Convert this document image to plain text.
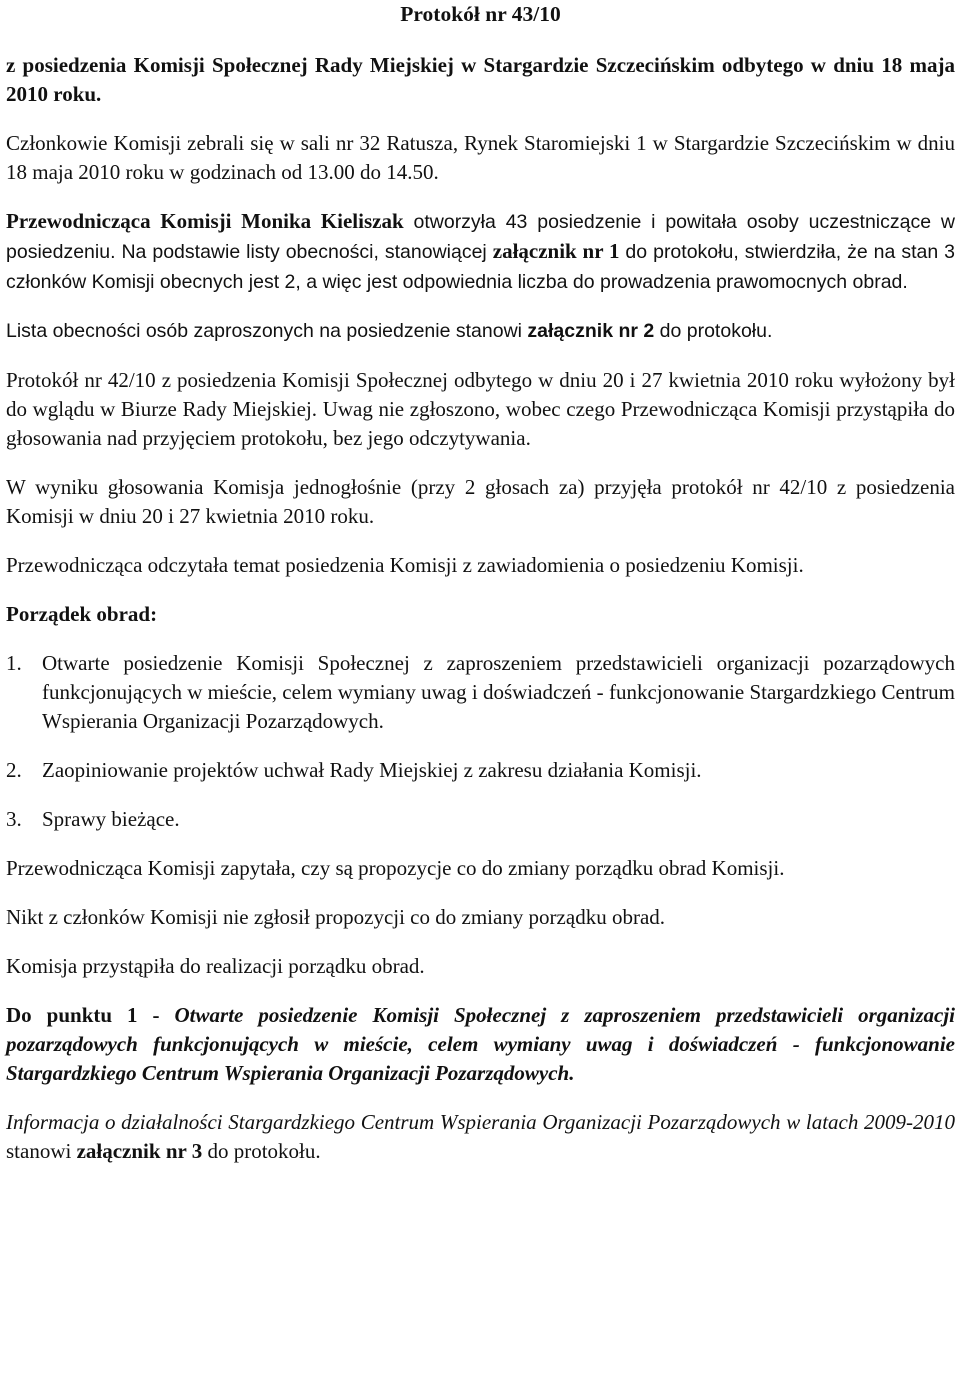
Protokół nr 43/10
z posiedzenia Komisji Społecznej Rady Miejskiej w Stargardzie Szczecińskim odbytego w dniu 18 maja 2010 roku.

Członkowie Komisji zebrali się w sali nr 32 Ratusza, Rynek Staromiejski 1 w Stargardzie Szczecińskim w dniu 18 maja 2010 roku w godzinach od 13.00 do 14.50.

Przewodnicząca Komisji Monika Kieliszak otworzyła 43 posiedzenie i powitała osoby uczestniczące w posiedzeniu. Na podstawie listy obecności, stanowiącej załącznik nr 1 do protokołu, stwierdziła, że na stan 3 członków Komisji obecnych jest 2, a więc jest odpowiednia liczba do prowadzenia prawomocnych obrad.

Lista obecności osób zaproszonych na posiedzenie stanowi załącznik nr 2 do protokołu.

Protokół nr 42/10 z posiedzenia Komisji Społecznej odbytego w dniu 20 i 27 kwietnia 2010 roku wyłożony był do wglądu w Biurze Rady Miejskiej. Uwag nie zgłoszono, wobec czego Przewodnicząca Komisji przystąpiła do głosowania nad przyjęciem protokołu, bez jego odczytywania.

W wyniku głosowania Komisja jednogłośnie (przy 2 głosach za) przyjęła protokół nr 42/10 z posiedzenia Komisji w dniu 20 i 27 kwietnia 2010 roku.

Przewodnicząca odczytała temat posiedzenia Komisji z zawiadomienia o posiedzeniu Komisji.

Porządek obrad:
1. Otwarte posiedzenie Komisji Społecznej z zaproszeniem przedstawicieli organizacji pozarządowych funkcjonujących w mieście, celem wymiany uwag i doświadczeń - funkcjonowanie Stargardzkiego Centrum Wspierania Organizacji Pozarządowych.
2. Zaopiniowanie projektów uchwał Rady Miejskiej z zakresu działania Komisji.
3. Sprawy bieżące.

Przewodnicząca Komisji zapytała, czy są propozycje co do zmiany porządku obrad Komisji.

Nikt z członków Komisji nie zgłosił propozycji co do zmiany porządku obrad.

Komisja przystąpiła do realizacji porządku obrad.

Do punktu 1 - Otwarte posiedzenie Komisji Społecznej z zaproszeniem przedstawicieli organizacji pozarządowych funkcjonujących w mieście, celem wymiany uwag i doświadczeń - funkcjonowanie Stargardzkiego Centrum Wspierania Organizacji Pozarządowych.

Informacja o działalności Stargardzkiego Centrum Wspierania Organizacji Pozarządowych w latach 2009-2010 stanowi załącznik nr 3 do protokołu.
